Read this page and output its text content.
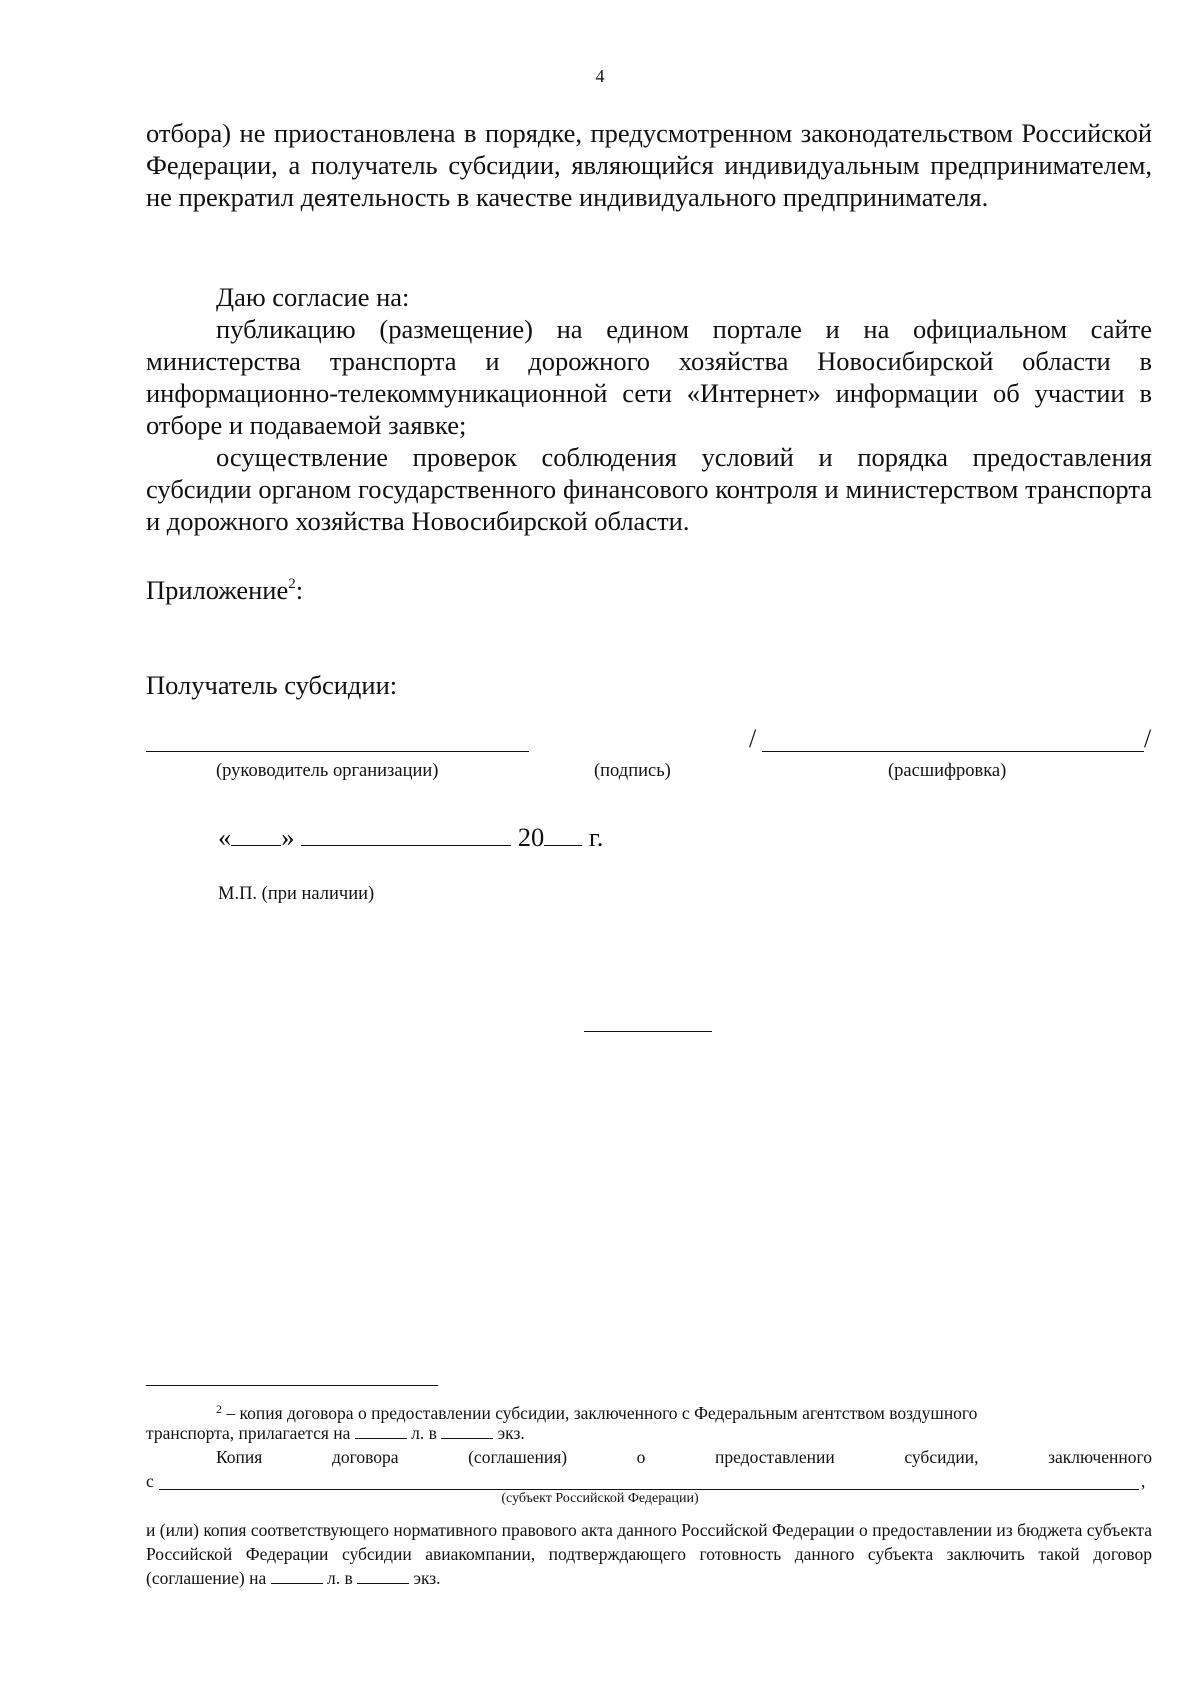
4

отбора) не приостановлена в порядке, предусмотренном законодательством Российской Федерации, а получатель субсидии, являющийся индивидуальным предпринимателем, не прекратил деятельность в качестве индивидуального предпринимателя.

Даю согласие на:

публикацию (размещение) на едином портале и на официальном сайте министерства транспорта и дорожного хозяйства Новосибирской области в информационно-телекоммуникационной сети «Интернет» информации об участии в отборе и подаваемой заявке;

осуществление проверок соблюдения условий и порядка предоставления субсидии органом государственного финансового контроля и министерством транспорта и дорожного хозяйства Новосибирской области.

Приложение$^2$:
Получатель субсидии:
/	/
(руководитель организации)	(подпись)	(расшифровка)
« »	20 г.
М.П. (при наличии)
$^2$ – копия договора о предоставлении субсидии, заключенного с Федеральным агентством воздушного
транспорта, прилагается на	л. в	экз.
Копия	договора	(соглашения)	о	предоставлении	субсидии,	заключенного
с	,
(субъект Российской Федерации)

и (или) копия соответствующего нормативного правового акта данного Российской Федерации о предоставлении из бюджета субъекта Российской Федерации субсидии авиакомпании, подтверждающего готовность данного субъекта заключить такой договор (соглашение) на	л. в	экз.
